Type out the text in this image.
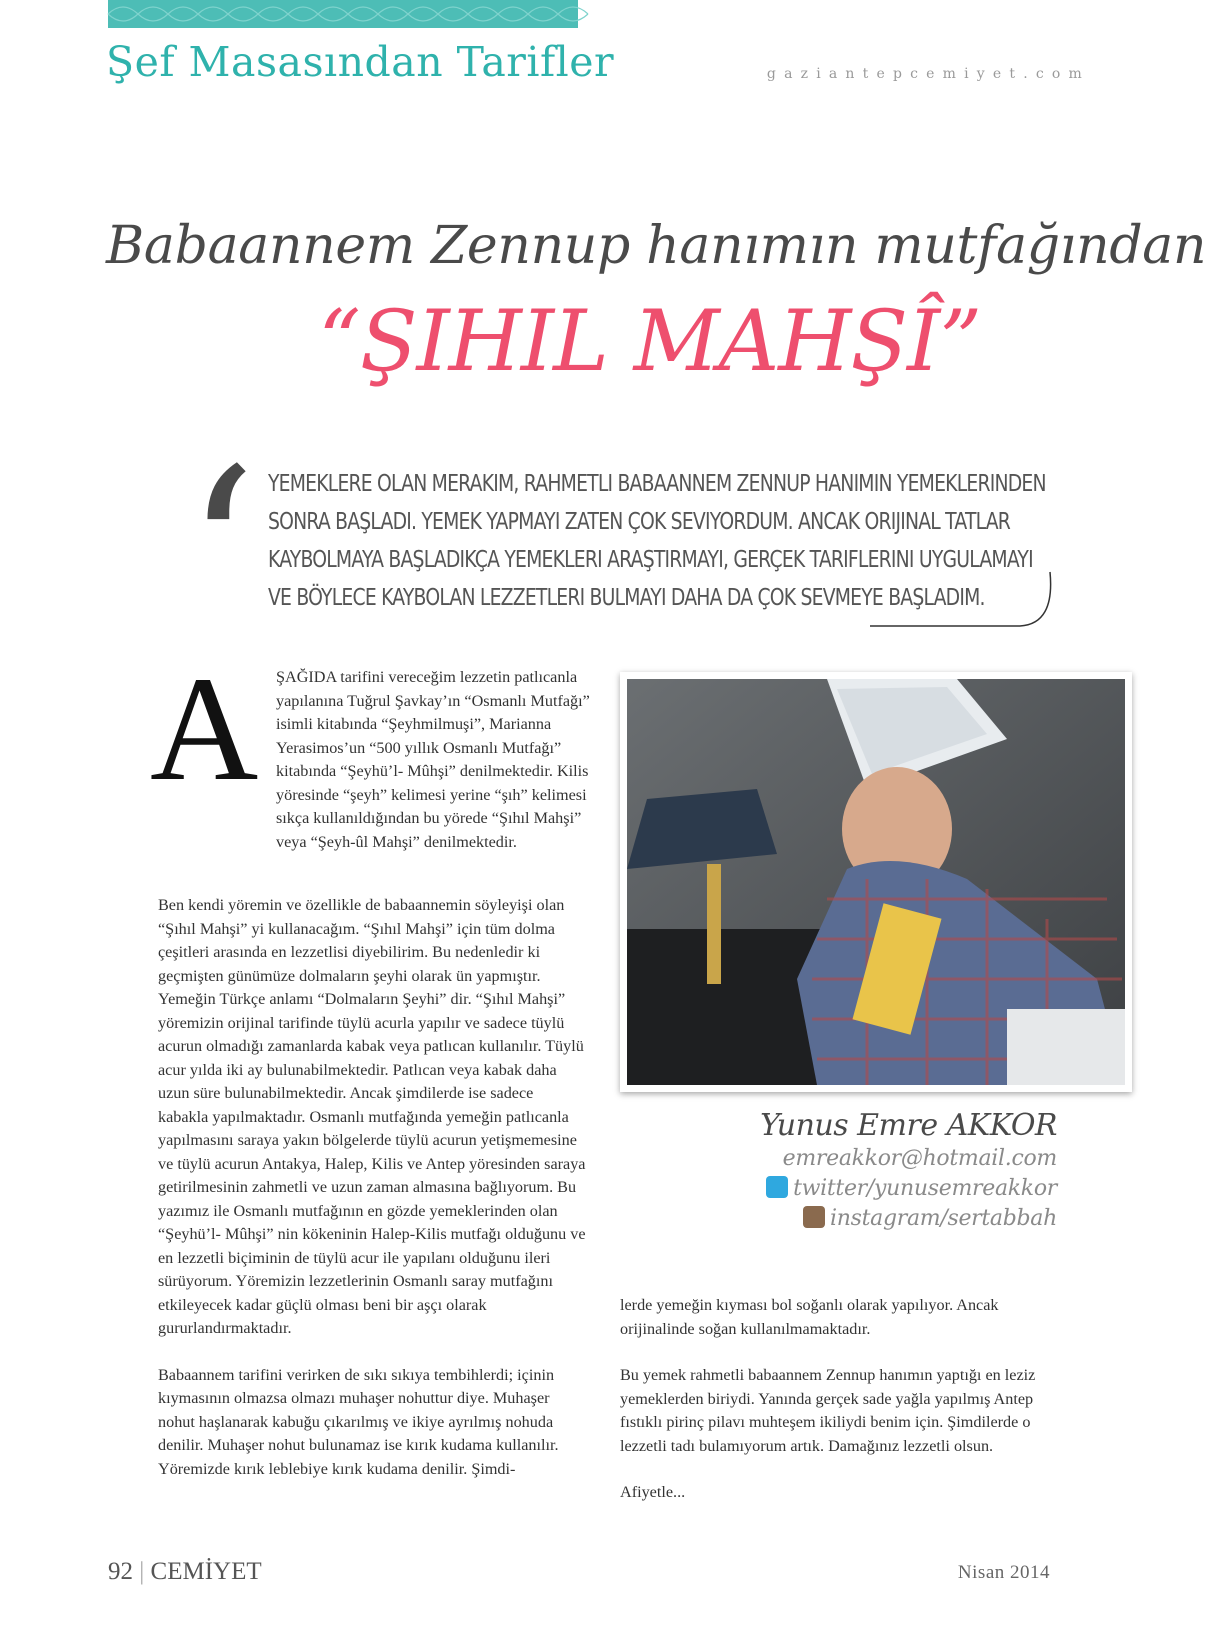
Şef Masasından Tarifler	gaziantepcemiyet.com
Babaannem Zennup hanımın mutfağından
“ŞIHIL MAHŞÎ”
‘ YEMEKLERE OLAN MERAKIM, RAHMETLI BABAANNEM ZENNUP HANIMIN YEMEKLERINDEN SONRA BAŞLADI. YEMEK YAPMAYI ZATEN ÇOK SEVIYORDUM. ANCAK ORIJINAL TATLAR KAYBOLMAYA BAŞLADIKÇA YEMEKLERI ARAŞTIRMAYI, GERÇEK TARIFLERINI UYGULAMAYI VE BÖYLECE KAYBOLAN LEZZETLERI BULMAYI DAHA DA ÇOK SEVMEYE BAŞLADIM.
A	ŞAĞIDA tarifini vereceğim lezzetin patlıcanla yapılanına Tuğrul Şavkay’ın “Osmanlı Mutfağı” isimli kitabında “Şeyhmilmuşi”, Marianna Yerasimos’un “500 yıllık Osmanlı Mutfağı” kitabında “Şeyhü’l- Mûhşi” denilmektedir. Kilis yöresinde “şeyh” kelimesi yerine “şıh” kelimesi sıkça kullanıldığından bu yörede “Şıhıl Mahşi” veya “Şeyh-ûl Mahşi” denilmektedir.

Ben kendi yöremin ve özellikle de babaannemin söyleyişi olan “Şıhıl Mahşi” yi kullanacağım. “Şıhıl Mahşi” için tüm dolma çeşitleri arasında en lezzetlisi diyebilirim. Bu nedenledir ki geçmişten günümüze dolmaların şeyhi olarak ün yapmıştır. Yemeğin Türkçe anlamı “Dolmaların Şeyhi” dir. “Şıhıl Mahşi” yöremizin orijinal tarifinde tüylü acurla yapılır ve sadece tüylü acurun olmadığı zamanlarda kabak veya patlıcan kullanılır. Tüylü acur yılda iki ay bulunabilmektedir. Patlıcan veya kabak daha uzun süre bulunabilmektedir. Ancak şimdilerde ise sadece kabakla yapılmaktadır. Osmanlı mutfağında yemeğin patlıcanla yapılmasını saraya yakın bölgelerde tüylü acurun yetişmemesine ve tüylü acurun Antakya, Halep, Kilis ve Antep yöresinden saraya getirilmesinin zahmetli ve uzun zaman almasına bağlıyorum. Bu yazımız ile Osmanlı mutfağının en gözde yemeklerinden olan “Şeyhü’l- Mûhşi” nin kökeninin Halep-Kilis mutfağı olduğunu ve en lezzetli biçiminin de tüylü acur ile yapılanı olduğunu ileri sürüyorum. Yöremizin lezzetlerinin Osmanlı saray mutfağını etkileyecek kadar güçlü olması beni bir aşçı olarak gururlandırmaktadır.

Babaannem tarifini verirken de sıkı sıkıya tembihlerdi; içinin kıymasının olmazsa olmazı muhaşer nohuttur diye. Muhaşer nohut haşlanarak kabuğu çıkarılmış ve ikiye ayrılmış nohuda denilir. Muhaşer nohut bulunamaz ise kırık kudama kullanılır. Yöremizde kırık leblebiye kırık kudama denilir. Şimdi-

Yunus Emre AKKOR
emreakkor@hotmail.com
twitter/yunusemreakkor
instagram/sertabbah

lerde yemeğin kıyması bol soğanlı olarak yapılıyor. Ancak orijinalinde soğan kullanılmamaktadır.

Bu yemek rahmetli babaannem Zennup hanımın yaptığı en leziz yemeklerden biriydi. Yanında gerçek sade yağla yapılmış Antep fıstıklı pirinç pilavı muhteşem ikiliydi benim için. Şimdilerde o lezzetli tadı bulamıyorum artık. Damağınız lezzetli olsun.

Afiyetle...

92 | CEMİYET	Nisan 2014
